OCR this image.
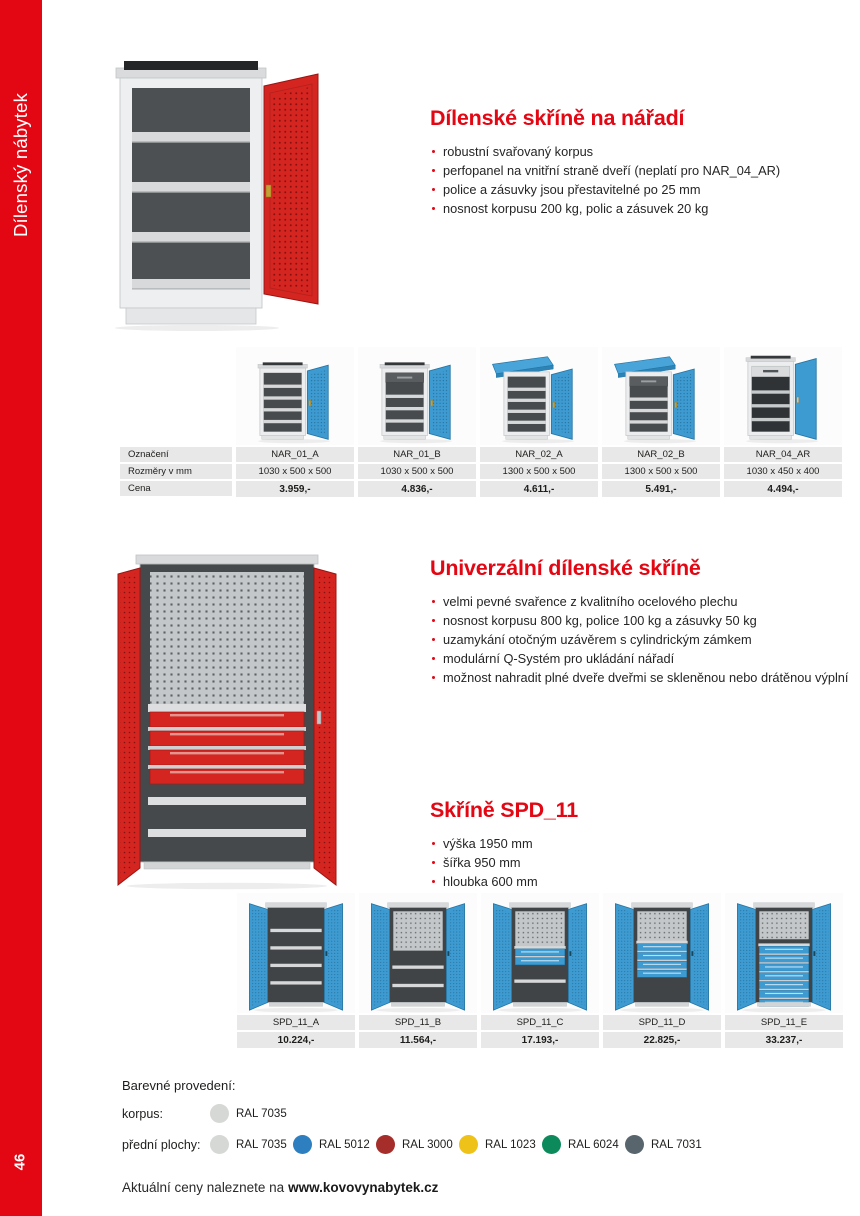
Dílenský nábytek
46
Dílenské skříně na nářadí
robustní svařovaný korpus
perfopanel na vnitřní straně dveří (neplatí pro NAR_04_AR)
police a zásuvky jsou přestavitelné po 25 mm
nosnost korpusu 200 kg, polic a zásuvek 20 kg
Označení	NAR_01_A	NAR_01_B	NAR_02_A	NAR_02_B	NAR_04_AR
Rozměry v mm	1030 x 500 x 500	1030 x 500 x 500	1300 x 500 x 500	1300 x 500 x 500	1030 x 450 x 400
Cena	3.959,-	4.836,-	4.611,-	5.491,-	4.494,-
Univerzální dílenské skříně
velmi pevné svařence z kvalitního ocelového plechu
nosnost korpusu 800 kg, police 100 kg a zásuvky 50 kg
uzamykání otočným uzávěrem s cylindrickým zámkem
modulární Q-Systém pro ukládání nářadí
možnost nahradit plné dveře dveřmi se skleněnou nebo drátěnou výplní
Skříně SPD_11
výška 1950 mm
šířka 950 mm
hloubka 600 mm
SPD_11_A	SPD_11_B	SPD_11_C	SPD_11_D	SPD_11_E
10.224,-	11.564,-	17.193,-	22.825,-	33.237,-
Barevné provedení:
korpus:	RAL 7035
přední plochy:	RAL 7035	RAL 5012	RAL 3000	RAL 1023	RAL 6024	RAL 7031
Aktuální ceny naleznete na www.kovovynabytek.cz
